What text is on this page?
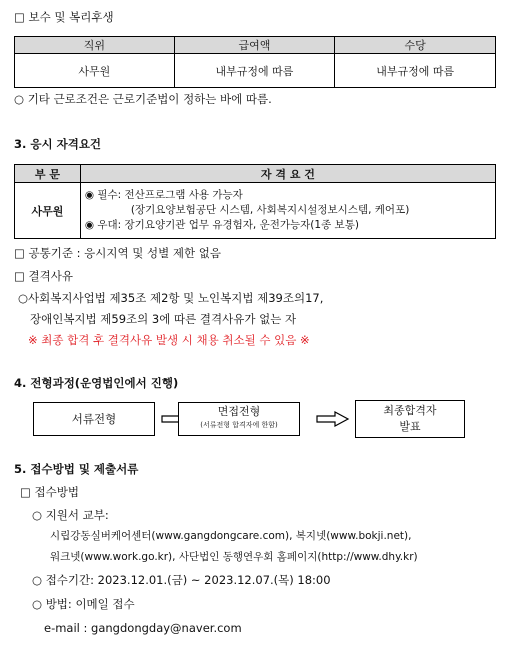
□ 보수 및 복리후생
직위	급여액	수당
사무원	내부규정에 따름	내부규정에 따름
○ 기타 근로조건은 근로기준법이 정하는 바에 따름.
3. 응시 자격요건
부 문	자 격 요 건
사무원	◉ 필수: 전산프로그램 사용 가능자
(장기요양보험공단 시스템, 사회복지시설정보시스템, 케어포)
◉ 우대: 장기요양기관 업무 유경험자, 운전가능자(1종 보통)
□ 공통기준 : 응시지역 및 성별 제한 없음
□ 결격사유
○사회복지사업법 제35조 제2항 및 노인복지법 제39조의17,
장애인복지법 제59조의 3에 따른 결격사유가 없는 자
※ 최종 합격 후 결격사유 발생 시 채용 취소될 수 있음 ※
4. 전형과정(운영법인에서 진행)
서류전형
면접전형
(서류전형 합격자에 한함)
최종합격자
발표
5. 접수방법 및 제출서류
□ 접수방법
○ 지원서 교부:
시립강동실버케어센터(www.gangdongcare.com), 복지넷(www.bokji.net),
워크넷(www.work.go.kr), 사단법인 동행연우회 홈페이지(http://www.dhy.kr)
○ 접수기간: 2023.12.01.(금) ~ 2023.12.07.(목) 18:00
○ 방법: 이메일 접수
e-mail : gangdongday@naver.com
